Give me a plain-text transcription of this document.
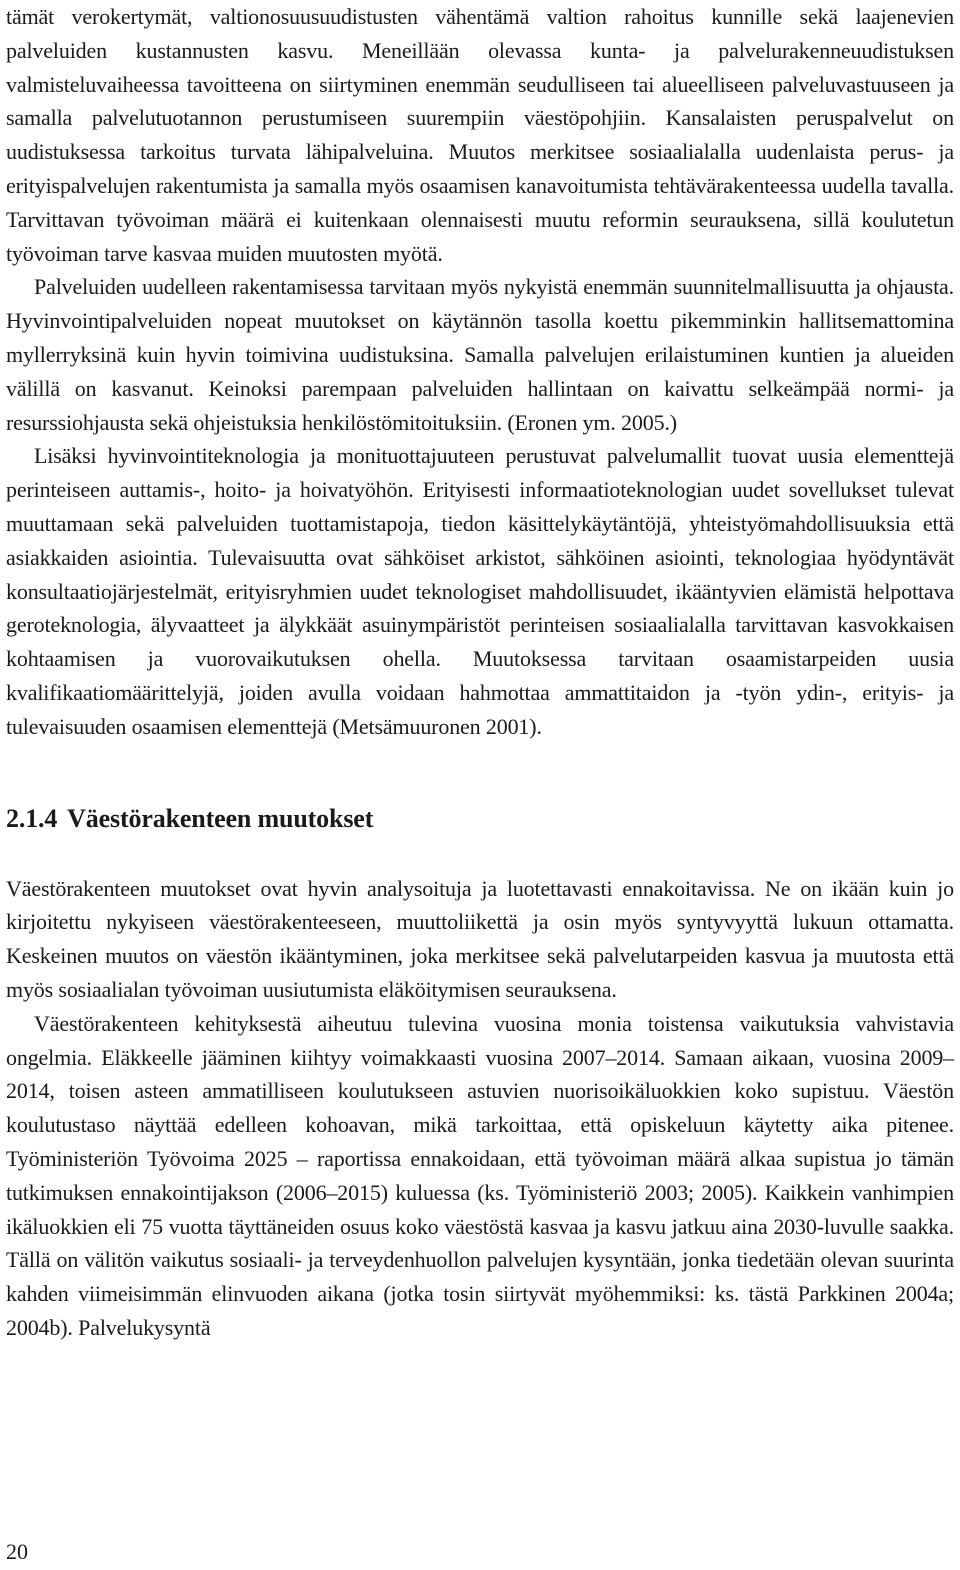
tämät verokertymät, valtionosuusuudistusten vähentämä valtion rahoitus kunnille sekä laajenevien palveluiden kustannusten kasvu. Meneillään olevassa kunta- ja palvelurakenneuudistuksen valmisteluvaiheessa tavoitteena on siirtyminen enemmän seudulliseen tai alueelliseen palveluvastuuseen ja samalla palvelutuotannon perustumiseen suurempiin väestöpohjiin. Kansalaisten peruspalvelut on uudistuksessa tarkoitus turvata lähipalveluina. Muutos merkitsee sosiaalialalla uudenlaista perus- ja erityispalvelujen rakentumista ja samalla myös osaamisen kanavoitumista tehtävärakenteessa uudella tavalla. Tarvittavan työvoiman määrä ei kuitenkaan olennaisesti muutu reformin seurauksena, sillä koulutetun työvoiman tarve kasvaa muiden muutosten myötä.

Palveluiden uudelleen rakentamisessa tarvitaan myös nykyistä enemmän suunnitelmallisuutta ja ohjausta. Hyvinvointipalveluiden nopeat muutokset on käytännön tasolla koettu pikemminkin hallitsemattomina myllerryksinä kuin hyvin toimivina uudistuksina. Samalla palvelujen erilaistuminen kuntien ja alueiden välillä on kasvanut. Keinoksi parempaan palveluiden hallintaan on kaivattu selkeämpää normi- ja resurssiohjausta sekä ohjeistuksia henkilöstömitoituksiin. (Eronen ym. 2005.)

Lisäksi hyvinvointiteknologia ja monituottajuuteen perustuvat palvelumallit tuovat uusia elementtejä perinteiseen auttamis-, hoito- ja hoivatyöhön. Erityisesti informaatioteknologian uudet sovellukset tulevat muuttamaan sekä palveluiden tuottamistapoja, tiedon käsittelykäytäntöjä, yhteistyömahdollisuuksia että asiakkaiden asiointia. Tulevaisuutta ovat sähköiset arkistot, sähköinen asiointi, teknologiaa hyödyntävät konsultaatiojärjestelmät, erityisryhmien uudet teknologiset mahdollisuudet, ikääntyvien elämistä helpottava geroteknologia, älyvaatteet ja älykkäät asuinympäristöt perinteisen sosiaalialalla tarvittavan kasvokkaisen kohtaamisen ja vuorovaikutuksen ohella. Muutoksessa tarvitaan osaamistarpeiden uusia kvalifikaatiomäärittelyjä, joiden avulla voidaan hahmottaa ammattitaidon ja -työn ydin-, erityis- ja tulevaisuuden osaamisen elementtejä (Metsämuuronen 2001).

2.1.4 Väestörakenteen muutokset

Väestörakenteen muutokset ovat hyvin analysoituja ja luotettavasti ennakoitavissa. Ne on ikään kuin jo kirjoitettu nykyiseen väestörakenteeseen, muuttoliikettä ja osin myös syntyvyyttä lukuun ottamatta. Keskeinen muutos on väestön ikääntyminen, joka merkitsee sekä palvelutarpeiden kasvua ja muutosta että myös sosiaalialan työvoiman uusiutumista eläköitymisen seurauksena.

Väestörakenteen kehityksestä aiheutuu tulevina vuosina monia toistensa vaikutuksia vahvistavia ongelmia. Eläkkeelle jääminen kiihtyy voimakkaasti vuosina 2007–2014. Samaan aikaan, vuosina 2009–2014, toisen asteen ammatilliseen koulutukseen astuvien nuorisoikäluokkien koko supistuu. Väestön koulutustaso näyttää edelleen kohoavan, mikä tarkoittaa, että opiskeluun käytetty aika pitenee. Työministeriön Työvoima 2025 – raportissa ennakoidaan, että työvoiman määrä alkaa supistua jo tämän tutkimuksen ennakointijakson (2006–2015) kuluessa (ks. Työministeriö 2003; 2005). Kaikkein vanhimpien ikäluokkien eli 75 vuotta täyttäneiden osuus koko väestöstä kasvaa ja kasvu jatkuu aina 2030-luvulle saakka. Tällä on välitön vaikutus sosiaali- ja terveydenhuollon palvelujen kysyntään, jonka tiedetään olevan suurinta kahden viimeisimmän elinvuoden aikana (jotka tosin siirtyvät myöhemmiksi: ks. tästä Parkkinen 2004a; 2004b). Palvelukysyntä

20
